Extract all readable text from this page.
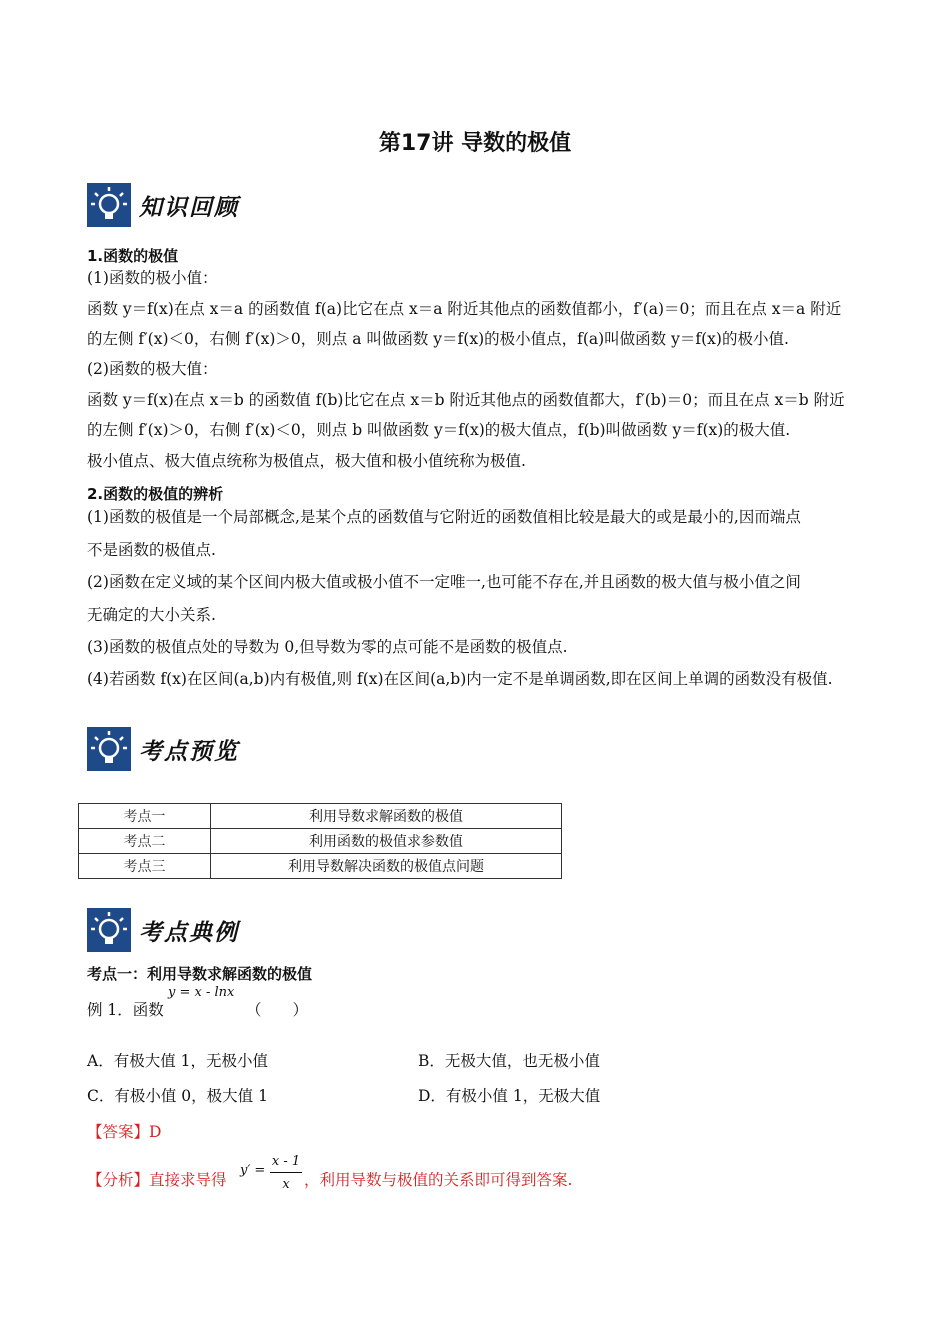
第17讲 导数的极值
知识回顾
1.函数的极值
(1)函数的极小值：
函数 y＝f(x)在点 x＝a 的函数值 f(a)比它在点 x＝a 附近其他点的函数值都小，f′(a)＝0；而且在点 x＝a 附近
的左侧 f′(x)＜0，右侧 f′(x)＞0，则点 a 叫做函数 y＝f(x)的极小值点，f(a)叫做函数 y＝f(x)的极小值.
(2)函数的极大值：
函数 y＝f(x)在点 x＝b 的函数值 f(b)比它在点 x＝b 附近其他点的函数值都大，f′(b)＝0；而且在点 x＝b 附近
的左侧 f′(x)＞0，右侧 f′(x)＜0，则点 b 叫做函数 y＝f(x)的极大值点，f(b)叫做函数 y＝f(x)的极大值.
极小值点、极大值点统称为极值点，极大值和极小值统称为极值.
2.函数的极值的辨析
(1)函数的极值是一个局部概念,是某个点的函数值与它附近的函数值相比较是最大的或是最小的,因而端点
不是函数的极值点.
(2)函数在定义域的某个区间内极大值或极小值不一定唯一,也可能不存在,并且函数的极大值与极小值之间
无确定的大小关系.
(3)函数的极值点处的导数为 0,但导数为零的点可能不是函数的极值点.
(4)若函数 f(x)在区间(a,b)内有极值,则 f(x)在区间(a,b)内一定不是单调函数,即在区间上单调的函数没有极值.
考点预览
考点一	利用导数求解函数的极值
考点二	利用函数的极值求参数值
考点三	利用导数解决函数的极值点问题
考点典例
考点一：利用导数求解函数的极值
y = x - lnx
例 1．函数	（　　）
A．有极大值 1，无极小值	B．无极大值，也无极小值
C．有极小值 0，极大值 1	D．有极小值 1，无极大值
【答案】D
【分析】直接求导得
y′ =
x - 1
x ，利用导数与极值的关系即可得到答案.
